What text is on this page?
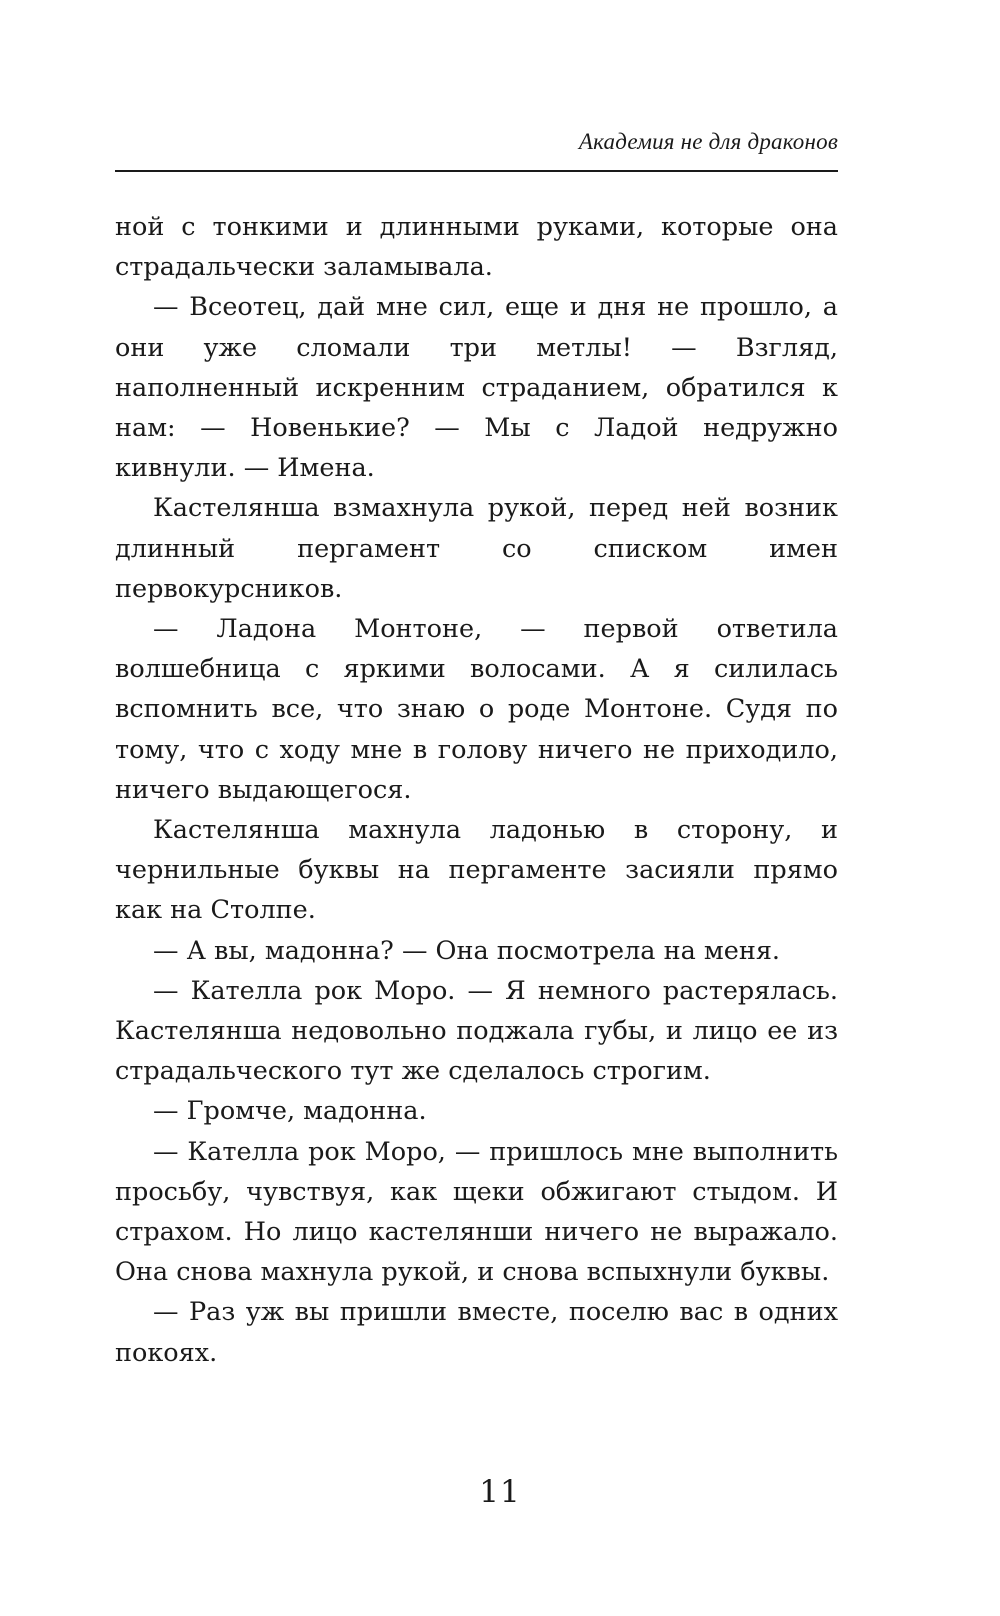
Академия не для драконов

ной с тонкими и длинными руками, которые она страдальчески заламывала.

— Всеотец, дай мне сил, еще и дня не прошло, а они уже сломали три метлы! — Взгляд, наполненный искренним страданием, обратился к нам: — Новенькие? — Мы с Ладой недружно кивнули. — Имена.

Кастелянша взмахнула рукой, перед ней возник длинный пергамент со списком имен первокурсников.

— Ладона Монтоне, — первой ответила волшебница с яркими волосами. А я силилась вспомнить все, что знаю о роде Монтоне. Судя по тому, что с ходу мне в голову ничего не приходило, ничего выдающегося.

Кастелянша махнула ладонью в сторону, и чернильные буквы на пергаменте засияли прямо как на Столпе.

— А вы, мадонна? — Она посмотрела на меня.

— Кателла рок Моро. — Я немного растерялась. Кастелянша недовольно поджала губы, и лицо ее из страдальческого тут же сделалось строгим.

— Громче, мадонна.

— Кателла рок Моро, — пришлось мне выполнить просьбу, чувствуя, как щеки обжигают стыдом. И страхом. Но лицо кастелянши ничего не выражало. Она снова махнула рукой, и снова вспыхнули буквы.

— Раз уж вы пришли вместе, поселю вас в одних покоях.

11
